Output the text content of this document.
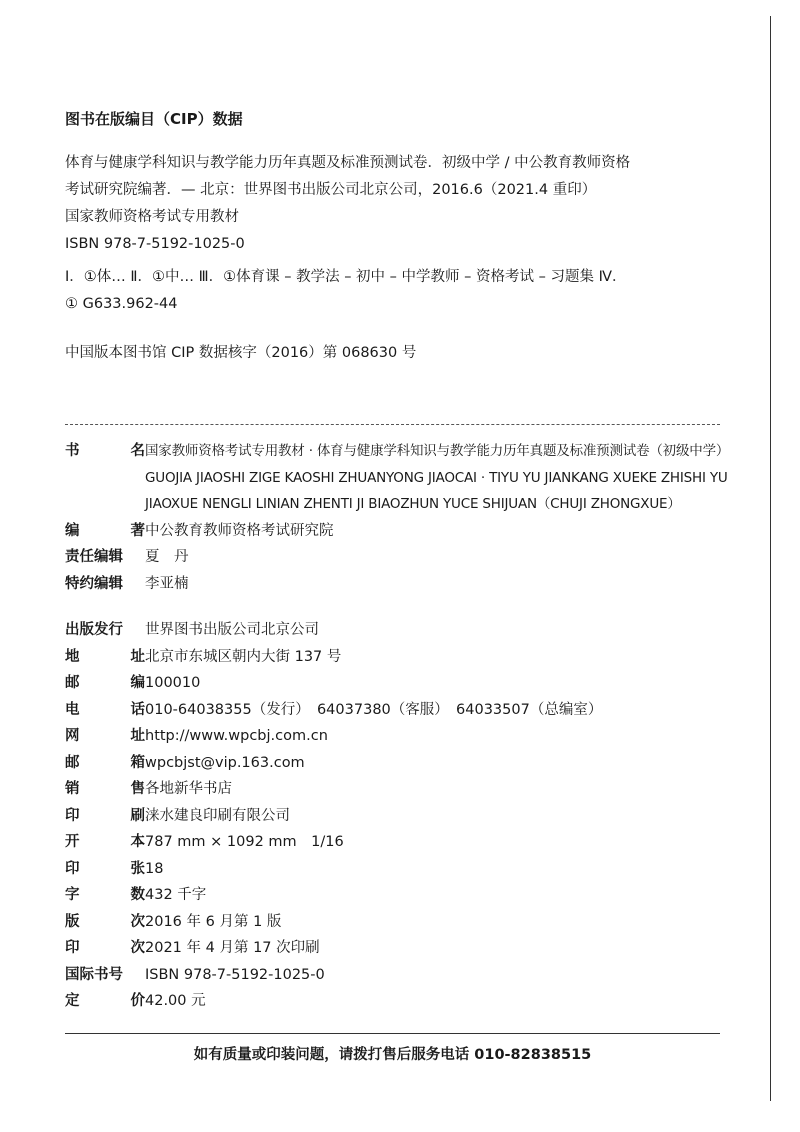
图书在版编目（CIP）数据
体育与健康学科知识与教学能力历年真题及标准预测试卷．初级中学 / 中公教育教师资格
考试研究院编著．— 北京：世界图书出版公司北京公司，2016.6（2021.4 重印）
国家教师资格考试专用教材
ISBN 978-7-5192-1025-0
Ⅰ．①体… Ⅱ．①中… Ⅲ．①体育课 – 教学法 – 初中 – 中学教师 – 资格考试 – 习题集 Ⅳ．
① G633.962-44
中国版本图书馆 CIP 数据核字（2016）第 068630 号
书	名 国家教师资格考试专用教材 · 体育与健康学科知识与教学能力历年真题及标准预测试卷（初级中学）
GUOJIA JIAOSHI ZIGE KAOSHI ZHUANYONG JIAOCAI · TIYU YU JIANKANG XUEKE ZHISHI YU
JIAOXUE NENGLI LINIAN ZHENTI JI BIAOZHUN YUCE SHIJUAN（CHUJI ZHONGXUE）
编	著 中公教育教师资格考试研究院
责任编辑 夏　丹
特约编辑 李亚楠
出版发行 世界图书出版公司北京公司
地	址 北京市东城区朝内大街 137 号
邮	编 100010
电	话 010-64038355（发行）　64037380（客服）　64033507（总编室）
网	址 http://www.wpcbj.com.cn
邮	箱 wpcbjst@vip.163.com
销	售 各地新华书店
印	刷 涞水建良印刷有限公司
开	本 787 mm × 1092 mm　1/16
印	张 18
字	数 432 千字
版	次 2016 年 6 月第 1 版
印	次 2021 年 4 月第 17 次印刷
国际书号 ISBN 978-7-5192-1025-0
定	价 42.00 元
如有质量或印装问题，请拨打售后服务电话 010-82838515
